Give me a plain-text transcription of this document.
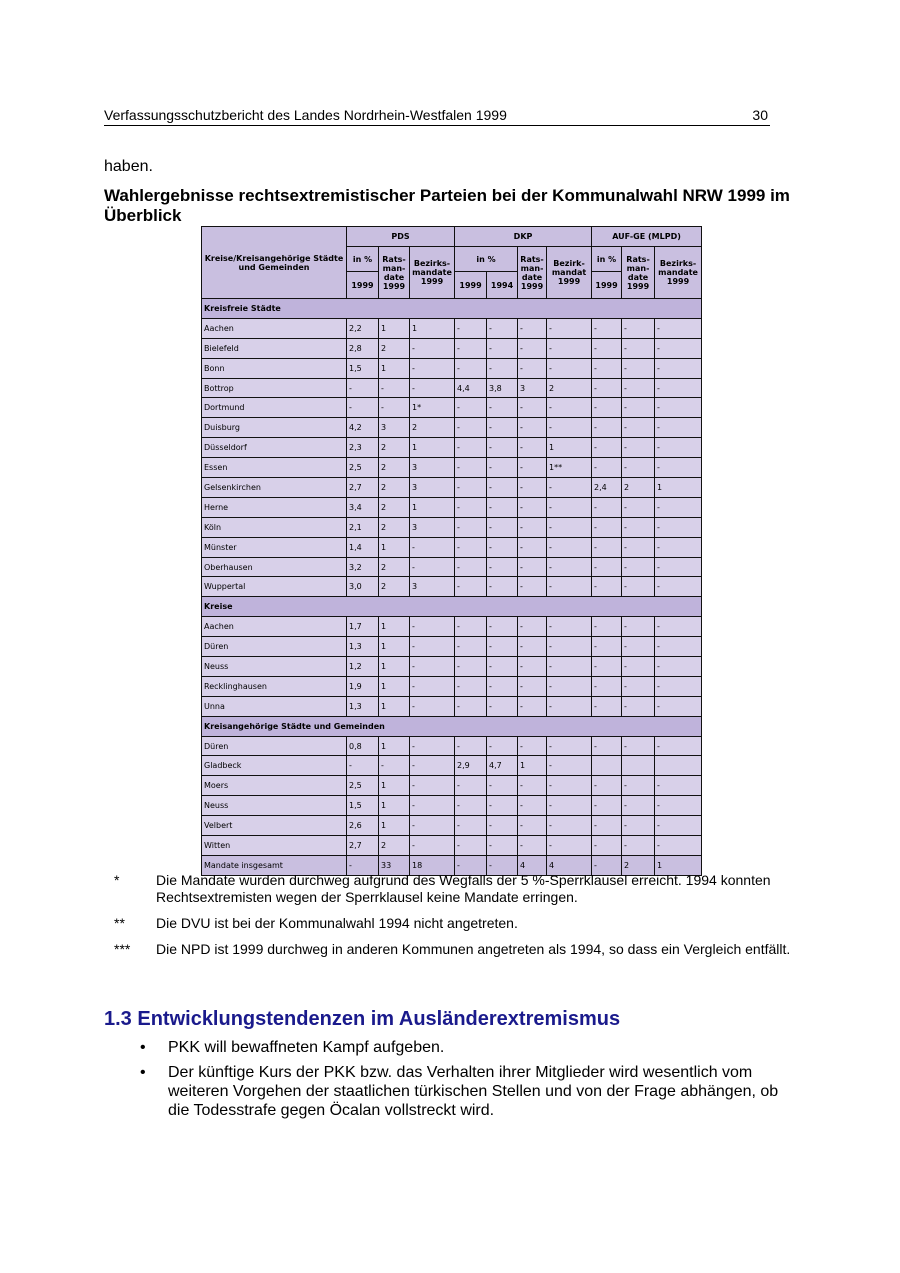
Verfassungsschutzbericht des Landes Nordrhein-Westfalen 1999	30
haben.
Wahlergebnisse rechtsextremistischer Parteien bei der Kommunalwahl NRW 1999 im Überblick
Kreise/Kreisangehörige Städte und Gemeinden	PDS			DKP				AUF-GE (MLPD)		
	in %	Rats-man-date 1999	Bezirks-mandate 1999	in %		Rats-man-date 1999	Bezirk-mandat 1999	in %	Rats-man-date 1999	Bezirks-mandate 1999
	1999			1999	1994			1999		
Kreisfreie Städte										
Aachen	2,2	1	1	-	-	-	-	-	-	-
Bielefeld	2,8	2	-	-	-	-	-	-	-	-
Bonn	1,5	1	-	-	-	-	-	-	-	-
Bottrop	-	-	-	4,4	3,8	3	2	-	-	-
Dortmund	-	-	1*	-	-	-	-	-	-	-
Duisburg	4,2	3	2	-	-	-	-	-	-	-
Düsseldorf	2,3	2	1	-	-	-	1	-	-	-
Essen	2,5	2	3	-	-	-	1**	-	-	-
Gelsenkirchen	2,7	2	3	-	-	-	-	2,4	2	1
Herne	3,4	2	1	-	-	-	-	-	-	-
Köln	2,1	2	3	-	-	-	-	-	-	-
Münster	1,4	1	-	-	-	-	-	-	-	-
Oberhausen	3,2	2	-	-	-	-	-	-	-	-
Wuppertal	3,0	2	3	-	-	-	-	-	-	-
Kreise										
Aachen	1,7	1	-	-	-	-	-	-	-	-
Düren	1,3	1	-	-	-	-	-	-	-	-
Neuss	1,2	1	-	-	-	-	-	-	-	-
Recklinghausen	1,9	1	-	-	-	-	-	-	-	-
Unna	1,3	1	-	-	-	-	-	-	-	-
Kreisangehörige Städte und Gemeinden										
Düren	0,8	1	-	-	-	-	-	-	-	-
Gladbeck	-	-	-	2,9	4,7	1	-			
Moers	2,5	1	-	-	-	-	-	-	-	-
Neuss	1,5	1	-	-	-	-	-	-	-	-
Velbert	2,6	1	-	-	-	-	-	-	-	-
Witten	2,7	2	-	-	-	-	-	-	-	-
Mandate insgesamt	-	33	18	-	-	4	4	-	2	1
*	Die Mandate wurden durchweg aufgrund des Wegfalls der 5 %-Sperrklausel erreicht. 1994 konnten Rechtsextremisten wegen der Sperrklausel keine Mandate erringen.
** Die DVU ist bei der Kommunalwahl 1994 nicht angetreten.
*** Die NPD ist 1999 durchweg in anderen Kommunen angetreten als 1994, so dass ein Vergleich entfällt.
1.3 Entwicklungstendenzen im Ausländerextremismus
• PKK will bewaffneten Kampf aufgeben.
• Der künftige Kurs der PKK bzw. das Verhalten ihrer Mitglieder wird wesentlich vom weiteren Vorgehen der staatlichen türkischen Stellen und von der Frage abhängen, ob die Todesstrafe gegen Öcalan vollstreckt wird.
